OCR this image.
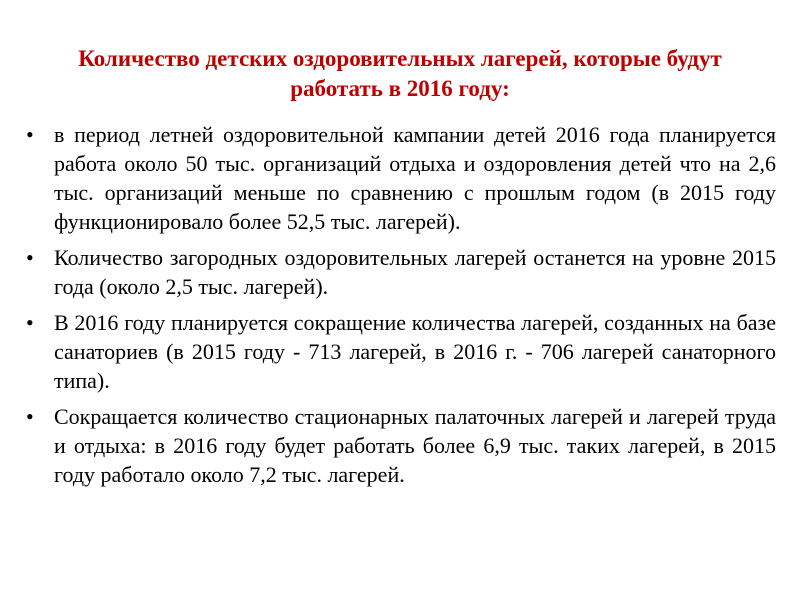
Количество детских оздоровительных лагерей, которые будут работать в 2016 году:
• в период летней оздоровительной кампании детей 2016 года планируется работа около 50 тыс. организаций отдыха и оздоровления детей что на 2,6 тыс. организаций меньше по сравнению с прошлым годом (в 2015 году функционировало более 52,5 тыс. лагерей).
• Количество загородных оздоровительных лагерей останется на уровне 2015 года (около 2,5 тыс. лагерей).
• В 2016 году планируется сокращение количества лагерей, созданных на базе санаториев (в 2015 году - 713 лагерей, в 2016 г. - 706 лагерей санаторного типа).
• Сокращается количество стационарных палаточных лагерей и лагерей труда и отдыха: в 2016 году будет работать более 6,9 тыс. таких лагерей, в 2015 году работало около 7,2 тыс. лагерей.
